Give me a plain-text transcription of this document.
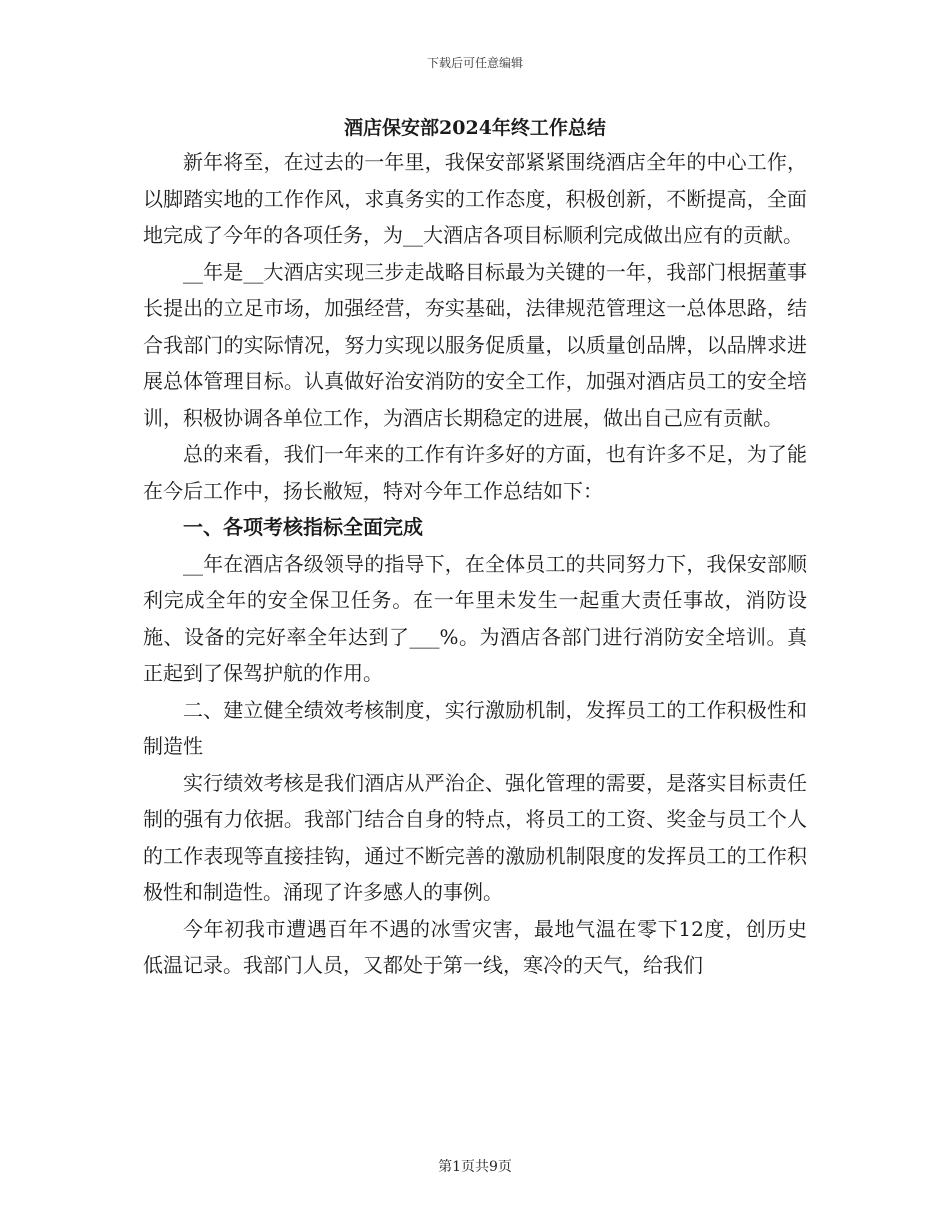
下载后可任意编辑
酒店保安部2024年终工作总结

新年将至，在过去的一年里，我保安部紧紧围绕酒店全年的中心工作，以脚踏实地的工作作风，求真务实的工作态度，积极创新，不断提高，全面地完成了今年的各项任务，为__大酒店各项目标顺利完成做出应有的贡献。

__年是__大酒店实现三步走战略目标最为关键的一年，我部门根据董事长提出的立足市场，加强经营，夯实基础，法律规范管理这一总体思路，结合我部门的实际情况，努力实现以服务促质量，以质量创品牌，以品牌求进展总体管理目标。认真做好治安消防的安全工作，加强对酒店员工的安全培训，积极协调各单位工作，为酒店长期稳定的进展，做出自己应有贡献。

总的来看，我们一年来的工作有许多好的方面，也有许多不足，为了能在今后工作中，扬长敝短，特对今年工作总结如下：

一、各项考核指标全面完成

__年在酒店各级领导的指导下，在全体员工的共同努力下，我保安部顺利完成全年的安全保卫任务。在一年里未发生一起重大责任事故，消防设施、设备的完好率全年达到了___%。为酒店各部门进行消防安全培训。真正起到了保驾护航的作用。

二、建立健全绩效考核制度，实行激励机制，发挥员工的工作积极性和制造性

实行绩效考核是我们酒店从严治企、强化管理的需要，是落实目标责任制的强有力依据。我部门结合自身的特点，将员工的工资、奖金与员工个人的工作表现等直接挂钩，通过不断完善的激励机制限度的发挥员工的工作积极性和制造性。涌现了许多感人的事例。

今年初我市遭遇百年不遇的冰雪灾害，最地气温在零下12度，创历史低温记录。我部门人员，又都处于第一线，寒冷的天气，给我们

第1页共9页
